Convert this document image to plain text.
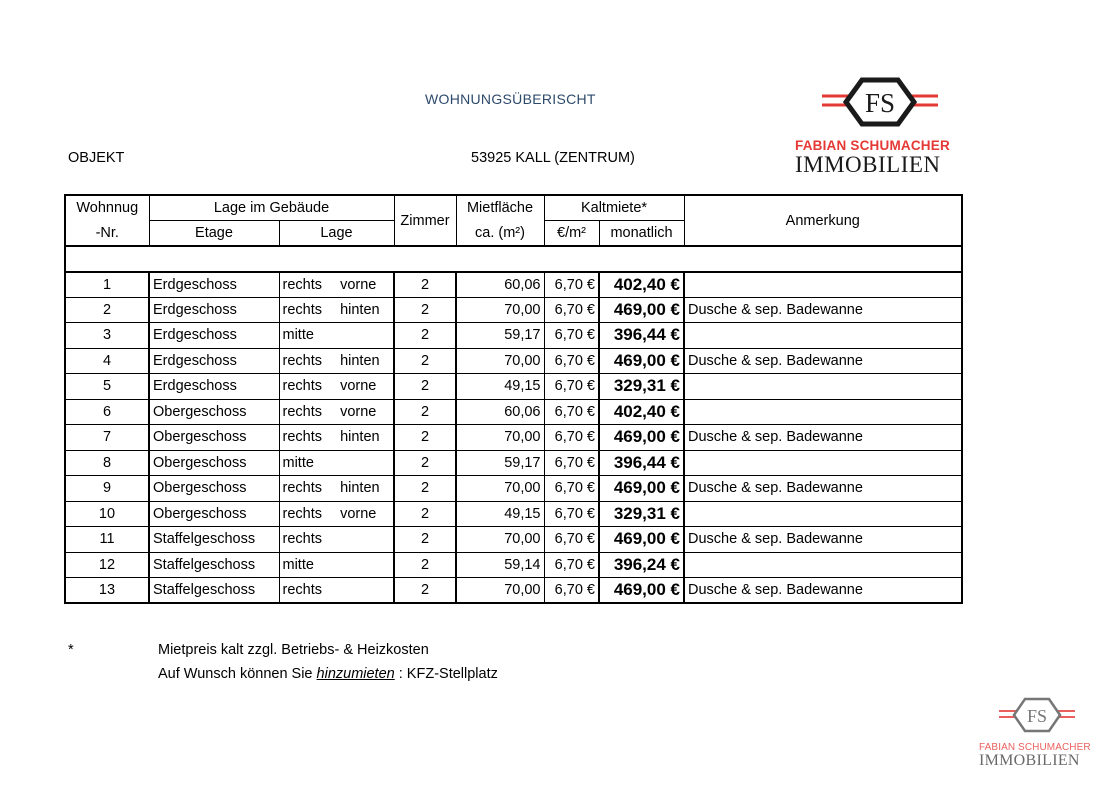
WOHNUNGSÜBERISCHT
OBJEKT	53925 KALL (ZENTRUM)
FS
FABIAN SCHUMACHER
IMMOBILIEN
Wohnnug	Lage im Gebäude		Zimmer	Mietfläche	Kaltmiete*		Anmerkung
-Nr.	Etage	Lage		ca. (m²)	€/m²	monatlich	

1	Erdgeschoss	rechts   vorne	2	60,06	6,70 €	402,40 €	
2	Erdgeschoss	rechts   hinten	2	70,00	6,70 €	469,00 €	Dusche & sep. Badewanne
3	Erdgeschoss	mitte	2	59,17	6,70 €	396,44 €	
4	Erdgeschoss	rechts   hinten	2	70,00	6,70 €	469,00 €	Dusche & sep. Badewanne
5	Erdgeschoss	rechts   vorne	2	49,15	6,70 €	329,31 €	
6	Obergeschoss	rechts   vorne	2	60,06	6,70 €	402,40 €	
7	Obergeschoss	rechts   hinten	2	70,00	6,70 €	469,00 €	Dusche & sep. Badewanne
8	Obergeschoss	mitte	2	59,17	6,70 €	396,44 €	
9	Obergeschoss	rechts   hinten	2	70,00	6,70 €	469,00 €	Dusche & sep. Badewanne
10	Obergeschoss	rechts   vorne	2	49,15	6,70 €	329,31 €	
11	Staffelgeschoss	rechts	2	70,00	6,70 €	469,00 €	Dusche & sep. Badewanne
12	Staffelgeschoss	mitte	2	59,14	6,70 €	396,24 €	
13	Staffelgeschoss	rechts	2	70,00	6,70 €	469,00 €	Dusche & sep. Badewanne
*	Mietpreis kalt zzgl. Betriebs- & Heizkosten
Auf Wunsch können Sie hinzumieten : KFZ-Stellplatz
FS
FABIAN SCHUMACHER
IMMOBILIEN
